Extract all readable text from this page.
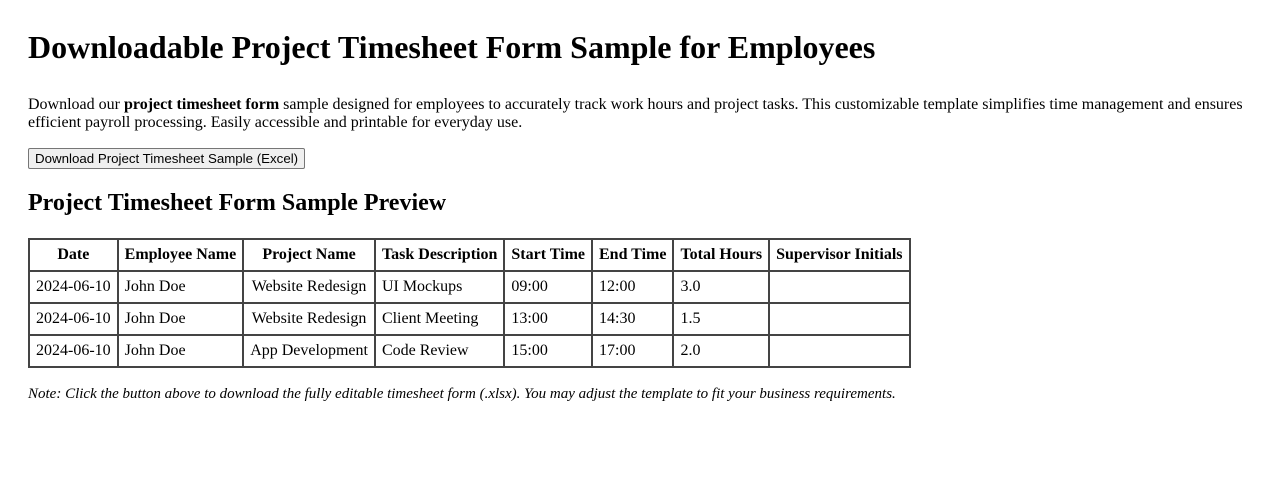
Downloadable Project Timesheet Form Sample for Employees

Download our project timesheet form sample designed for employees to accurately track work hours and project tasks. This customizable template simplifies time management and ensures efficient payroll processing. Easily accessible and printable for everyday use.

Download Project Timesheet Sample (Excel)
Project Timesheet Form Sample Preview
Date	Employee Name	Project Name	Task Description	Start Time	End Time	Total Hours	Supervisor Initials
2024-06-10	John Doe	Website Redesign	UI Mockups	09:00	12:00	3.0	
2024-06-10	John Doe	Website Redesign	Client Meeting	13:00	14:30	1.5	
2024-06-10	John Doe	App Development	Code Review	15:00	17:00	2.0	

Note: Click the button above to download the fully editable timesheet form (.xlsx). You may adjust the template to fit your business requirements.
